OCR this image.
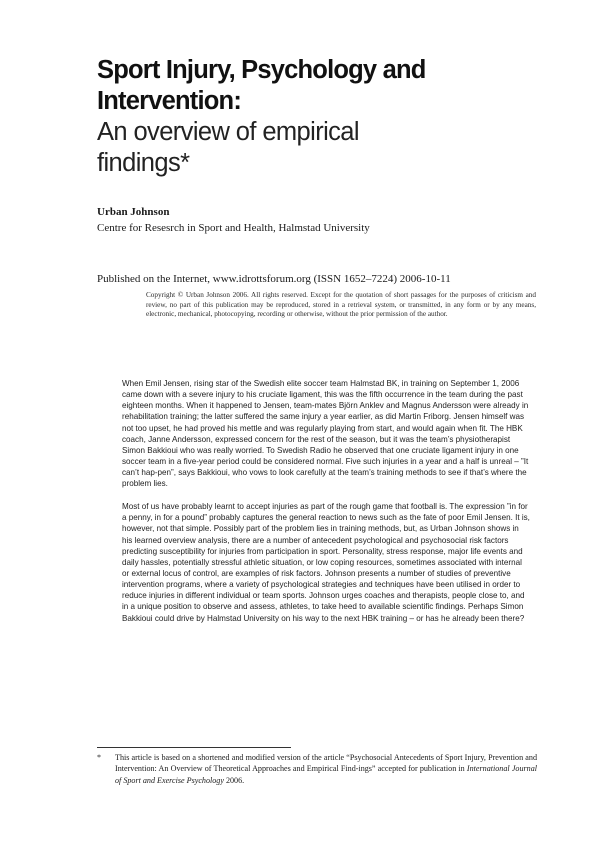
Sport Injury, Psychology and
Intervention:
An overview of empirical
findings*
Urban Johnson
Centre for Resesrch in Sport and Health, Halmstad University
Published on the Internet, www.idrottsforum.org (ISSN 1652–7224) 2006-10-11
Copyright © Urban Johnson 2006. All rights reserved. Except for the quotation of short passages for the purposes of criticism and review, no part of this publication may be reproduced, stored in a retrieval system, or transmitted, in any form or by any means, electronic, mechanical, photocopying, recording or otherwise, without the prior permission of the author.

When Emil Jensen, rising star of the Swedish elite soccer team Halmstad BK, in training on September 1, 2006 came down with a severe injury to his cruciate ligament, this was the fifth occurrence in the team during the past eighteen months. When it happened to Jensen, team-mates Björn Anklev and Magnus Andersson were already in rehabilitation training; the latter suffered the same injury a year earlier, as did Martin Friborg. Jensen himself was not too upset, he had proved his mettle and was regularly playing from start, and would again when fit. The HBK coach, Janne Andersson, expressed concern for the rest of the season, but it was the team’s physiotherapist Simon Bakkioui who was really worried. To Swedish Radio he observed that one cruciate ligament injury in one soccer team in a five-year period could be considered normal. Five such injuries in a year and a half is unreal – ”It can’t hap-pen”, says Bakkioui, who vows to look carefully at the team’s training methods to see if that’s where the problem lies.

Most of us have probably learnt to accept injuries as part of the rough game that football is. The expression ”in for a penny, in for a pound” probably captures the general reaction to news such as the fate of poor Emil Jensen. It is, however, not that simple. Possibly part of the problem lies in training methods, but, as Urban Johnson shows in his learned overview analysis, there are a number of antecedent psychological and psychosocial risk factors predicting susceptibility for injuries from participation in sport. Personality, stress response, major life events and daily hassles, potentially stressful athletic situation, or low coping resources, sometimes associated with internal or external locus of control, are examples of risk factors. Johnson presents a number of studies of preventive intervention programs, where a variety of psychological strategies and techniques have been utilised in order to reduce injuries in different individual or team sports. Johnson urges coaches and therapists, people close to, and in a unique position to observe and assess, athletes, to take heed to available scientific findings. Perhaps Simon Bakkioui could drive by Halmstad University on his way to the next HBK training – or has he already been there?

* This article is based on a shortened and modified version of the article “Psychosocial Antecedents of Sport Injury, Prevention and Intervention: An Overview of Theoretical Approaches and Empirical Find-ings” accepted for publication in International Journal of Sport and Exercise Psychology 2006.
